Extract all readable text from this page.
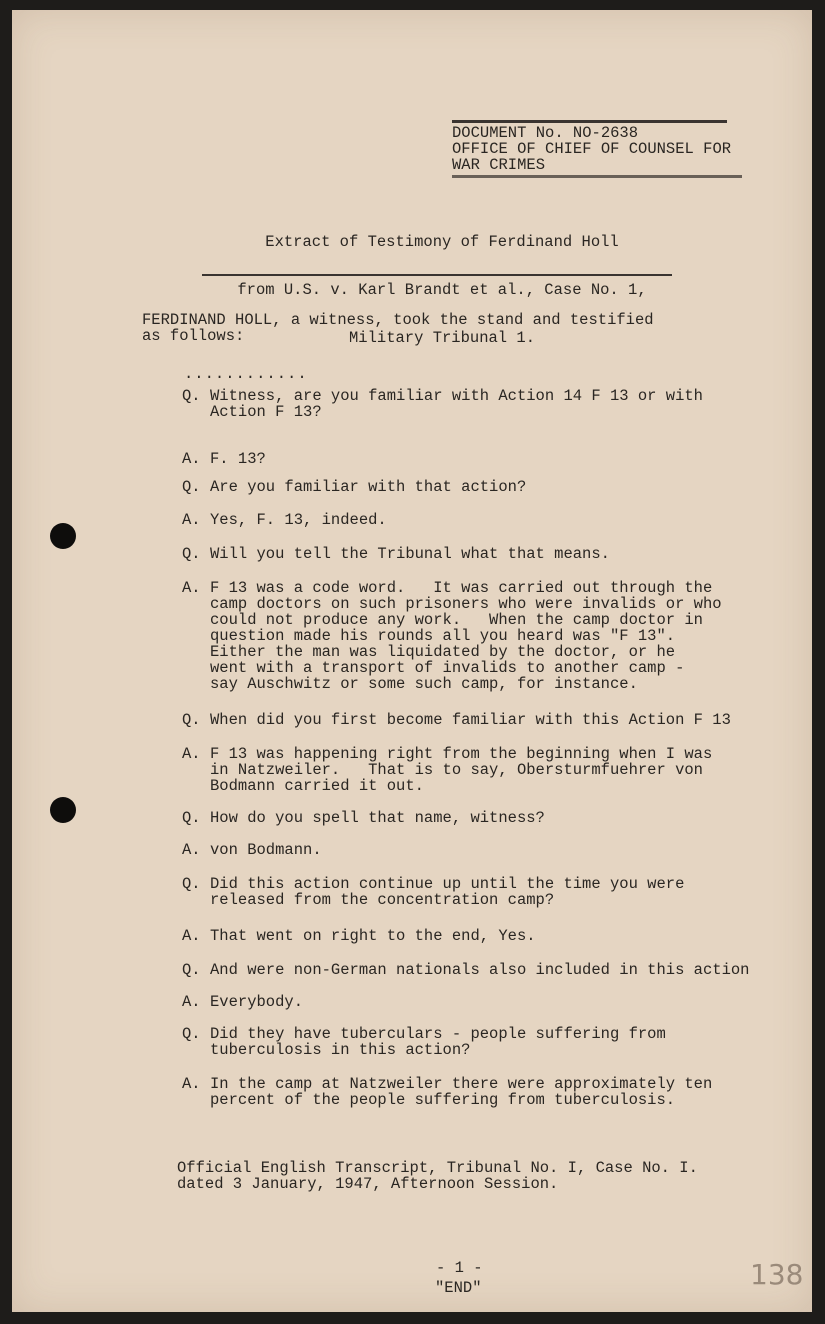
DOCUMENT No. NO-2638
OFFICE OF CHIEF OF COUNSEL FOR
WAR CRIMES

Extract of Testimony of Ferdinand Holl

from U.S. v. Karl Brandt et al., Case No. 1,

Military Tribunal 1.

FERDINAND HOLL, a witness, took the stand and testified
as follows:
............
Q. Witness, are you familiar with Action 14 F 13 or with
Action F 13?
A. F. 13?
Q. Are you familiar with that action?
A. Yes, F. 13, indeed.
Q. Will you tell the Tribunal what that means.
A. F 13 was a code word.   It was carried out through the
camp doctors on such prisoners who were invalids or who
could not produce any work.   When the camp doctor in
question made his rounds all you heard was "F 13".
Either the man was liquidated by the doctor, or he
went with a transport of invalids to another camp -
say Auschwitz or some such camp, for instance.
Q. When did you first become familiar with this Action F 13
A. F 13 was happening right from the beginning when I was
in Natzweiler.   That is to say, Obersturmfuehrer von
Bodmann carried it out.
Q. How do you spell that name, witness?
A. von Bodmann.
Q. Did this action continue up until the time you were
released from the concentration camp?
A. That went on right to the end, Yes.
Q. And were non-German nationals also included in this action
A. Everybody.
Q. Did they have tuberculars - people suffering from
tuberculosis in this action?
A. In the camp at Natzweiler there were approximately ten
percent of the people suffering from tuberculosis.
Official English Transcript, Tribunal No. I, Case No. I.
dated 3 January, 1947, Afternoon Session.
- 1 -
"END"	138
